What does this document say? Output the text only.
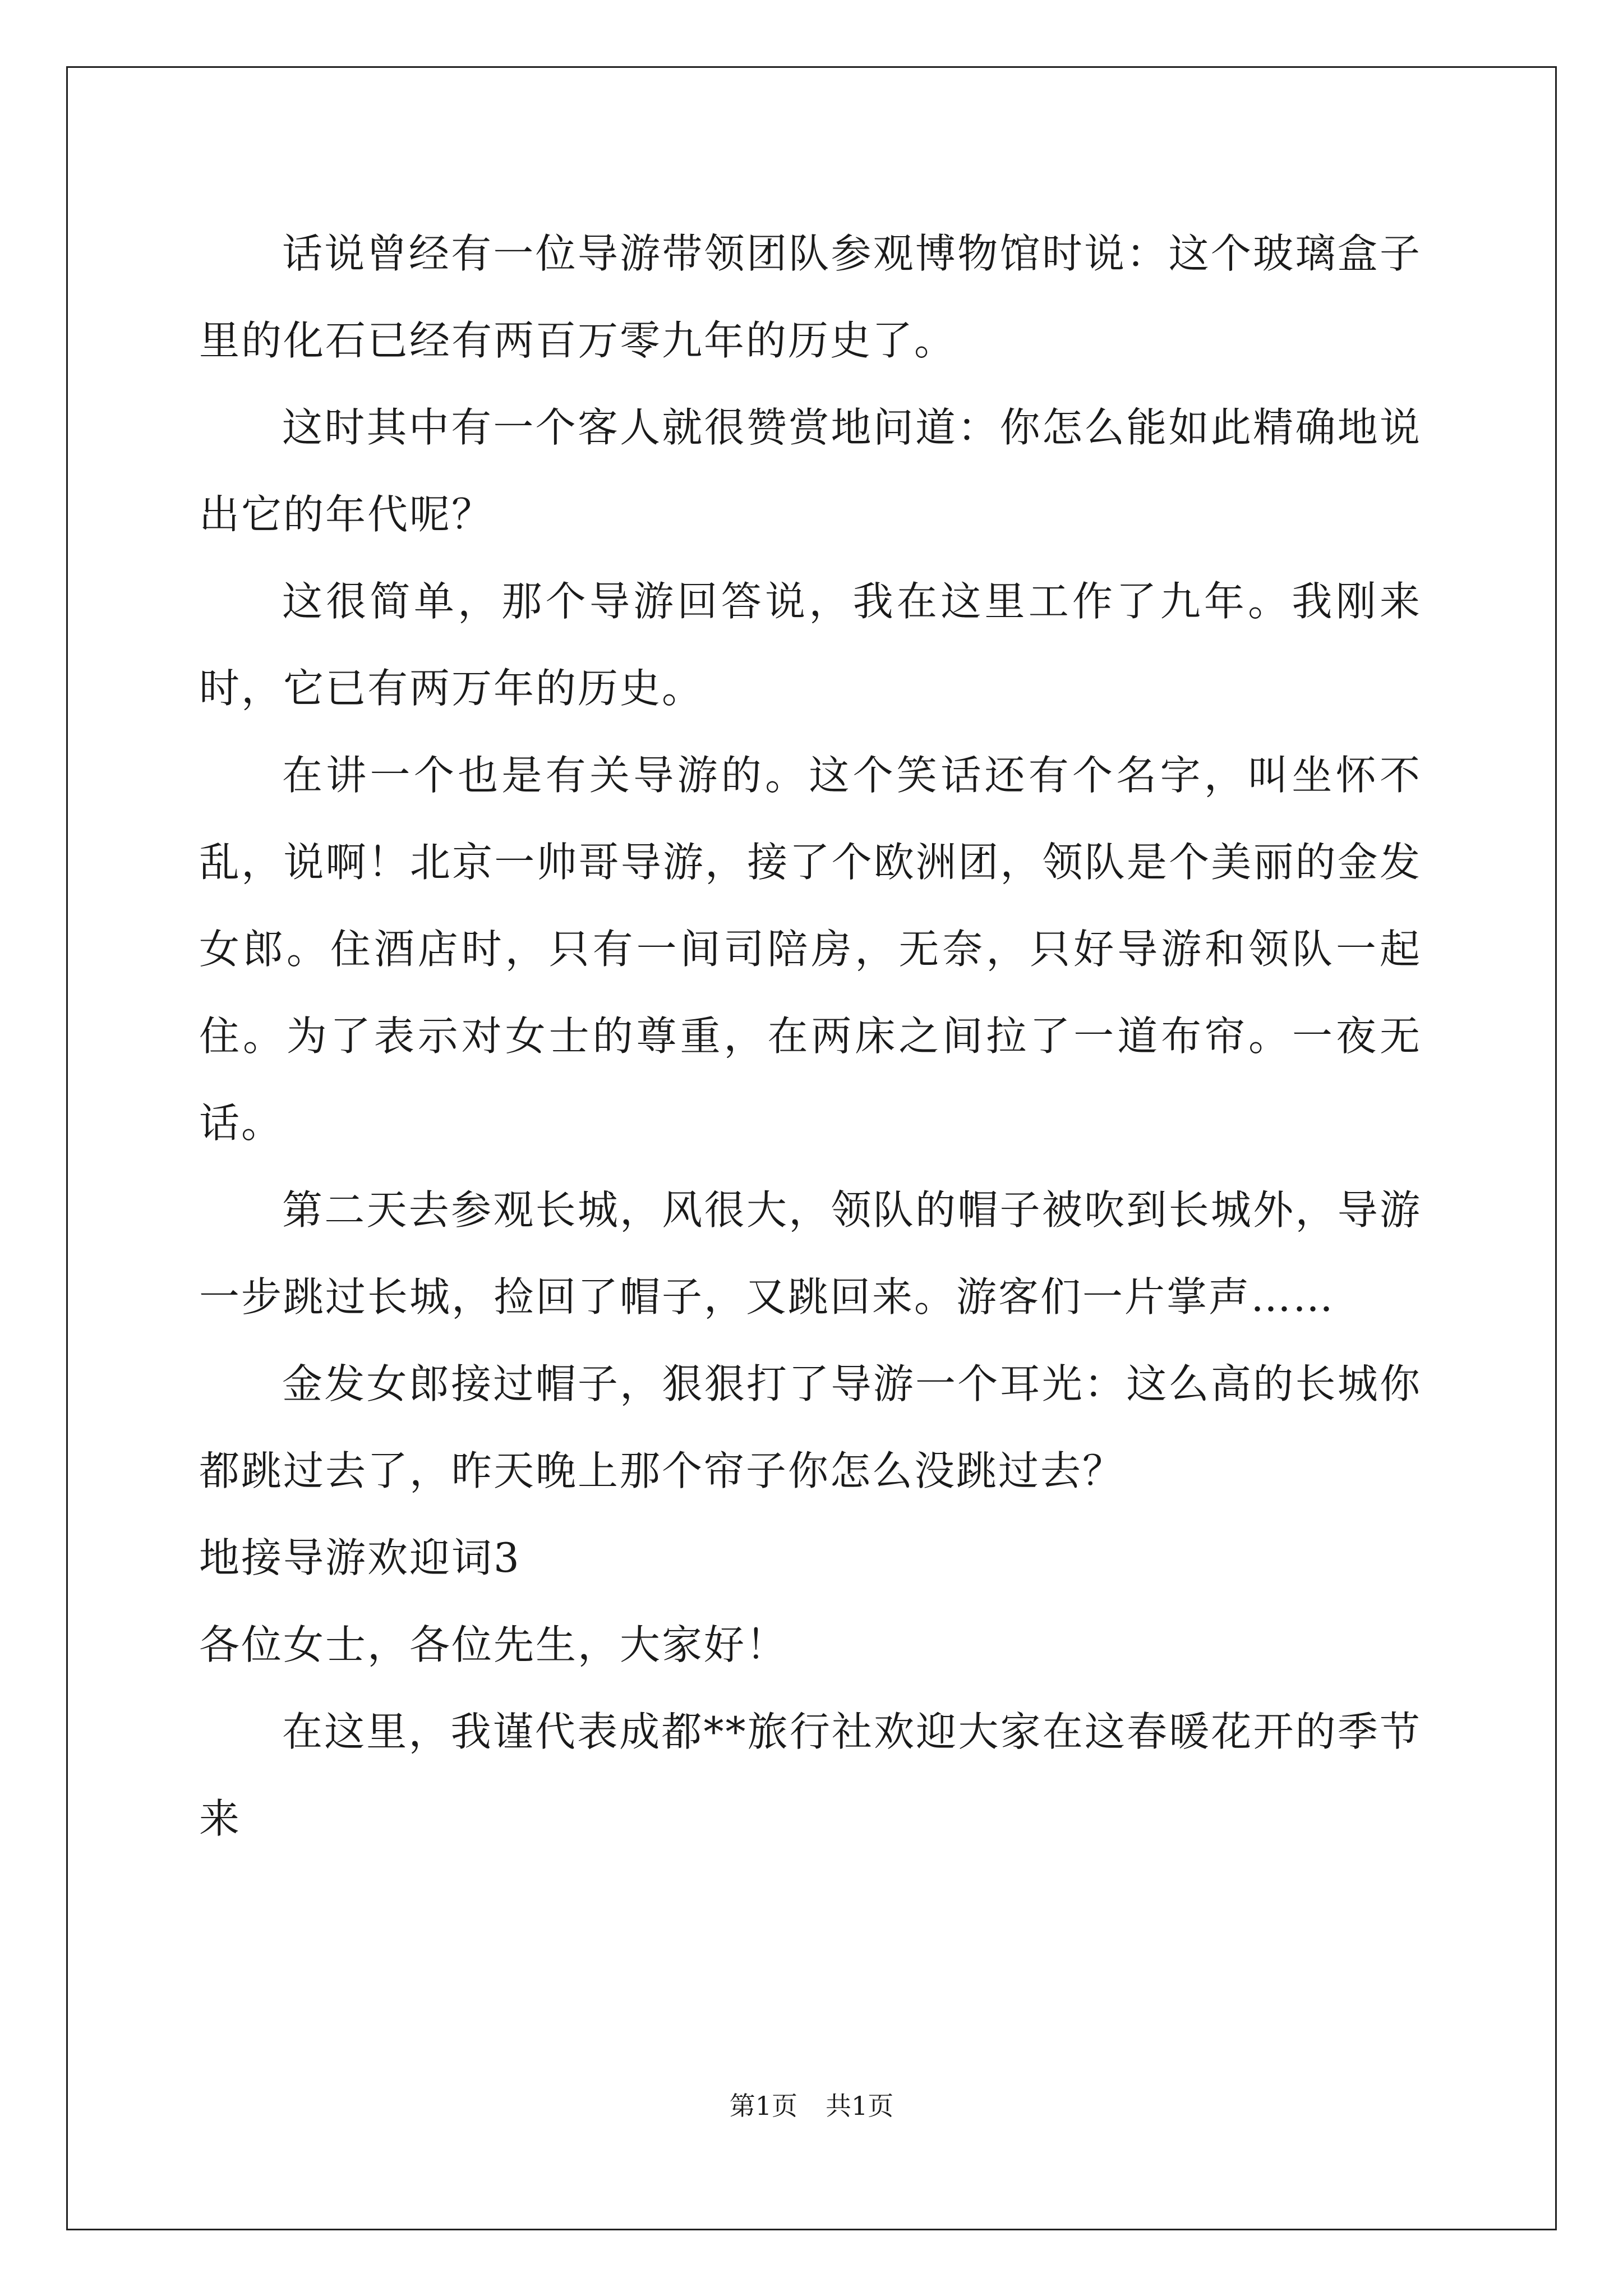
话说曾经有一位导游带领团队参观博物馆时说：这个玻璃盒子里的化石已经有两百万零九年的历史了。

这时其中有一个客人就很赞赏地问道：你怎么能如此精确地说出它的年代呢？

这很简单，那个导游回答说，我在这里工作了九年。我刚来时，它已有两万年的历史。

在讲一个也是有关导游的。这个笑话还有个名字，叫坐怀不乱，说啊！北京一帅哥导游，接了个欧洲团，领队是个美丽的金发女郎。住酒店时，只有一间司陪房，无奈，只好导游和领队一起住。为了表示对女士的尊重，在两床之间拉了一道布帘。一夜无话。

第二天去参观长城，风很大，领队的帽子被吹到长城外，导游一步跳过长城，捡回了帽子，又跳回来。游客们一片掌声……

金发女郎接过帽子，狠狠打了导游一个耳光：这么高的长城你都跳过去了，昨天晚上那个帘子你怎么没跳过去？

地接导游欢迎词3

各位女士，各位先生，大家好！

在这里，我谨代表成都**旅行社欢迎大家在这春暖花开的季节来

第1页 共1页
